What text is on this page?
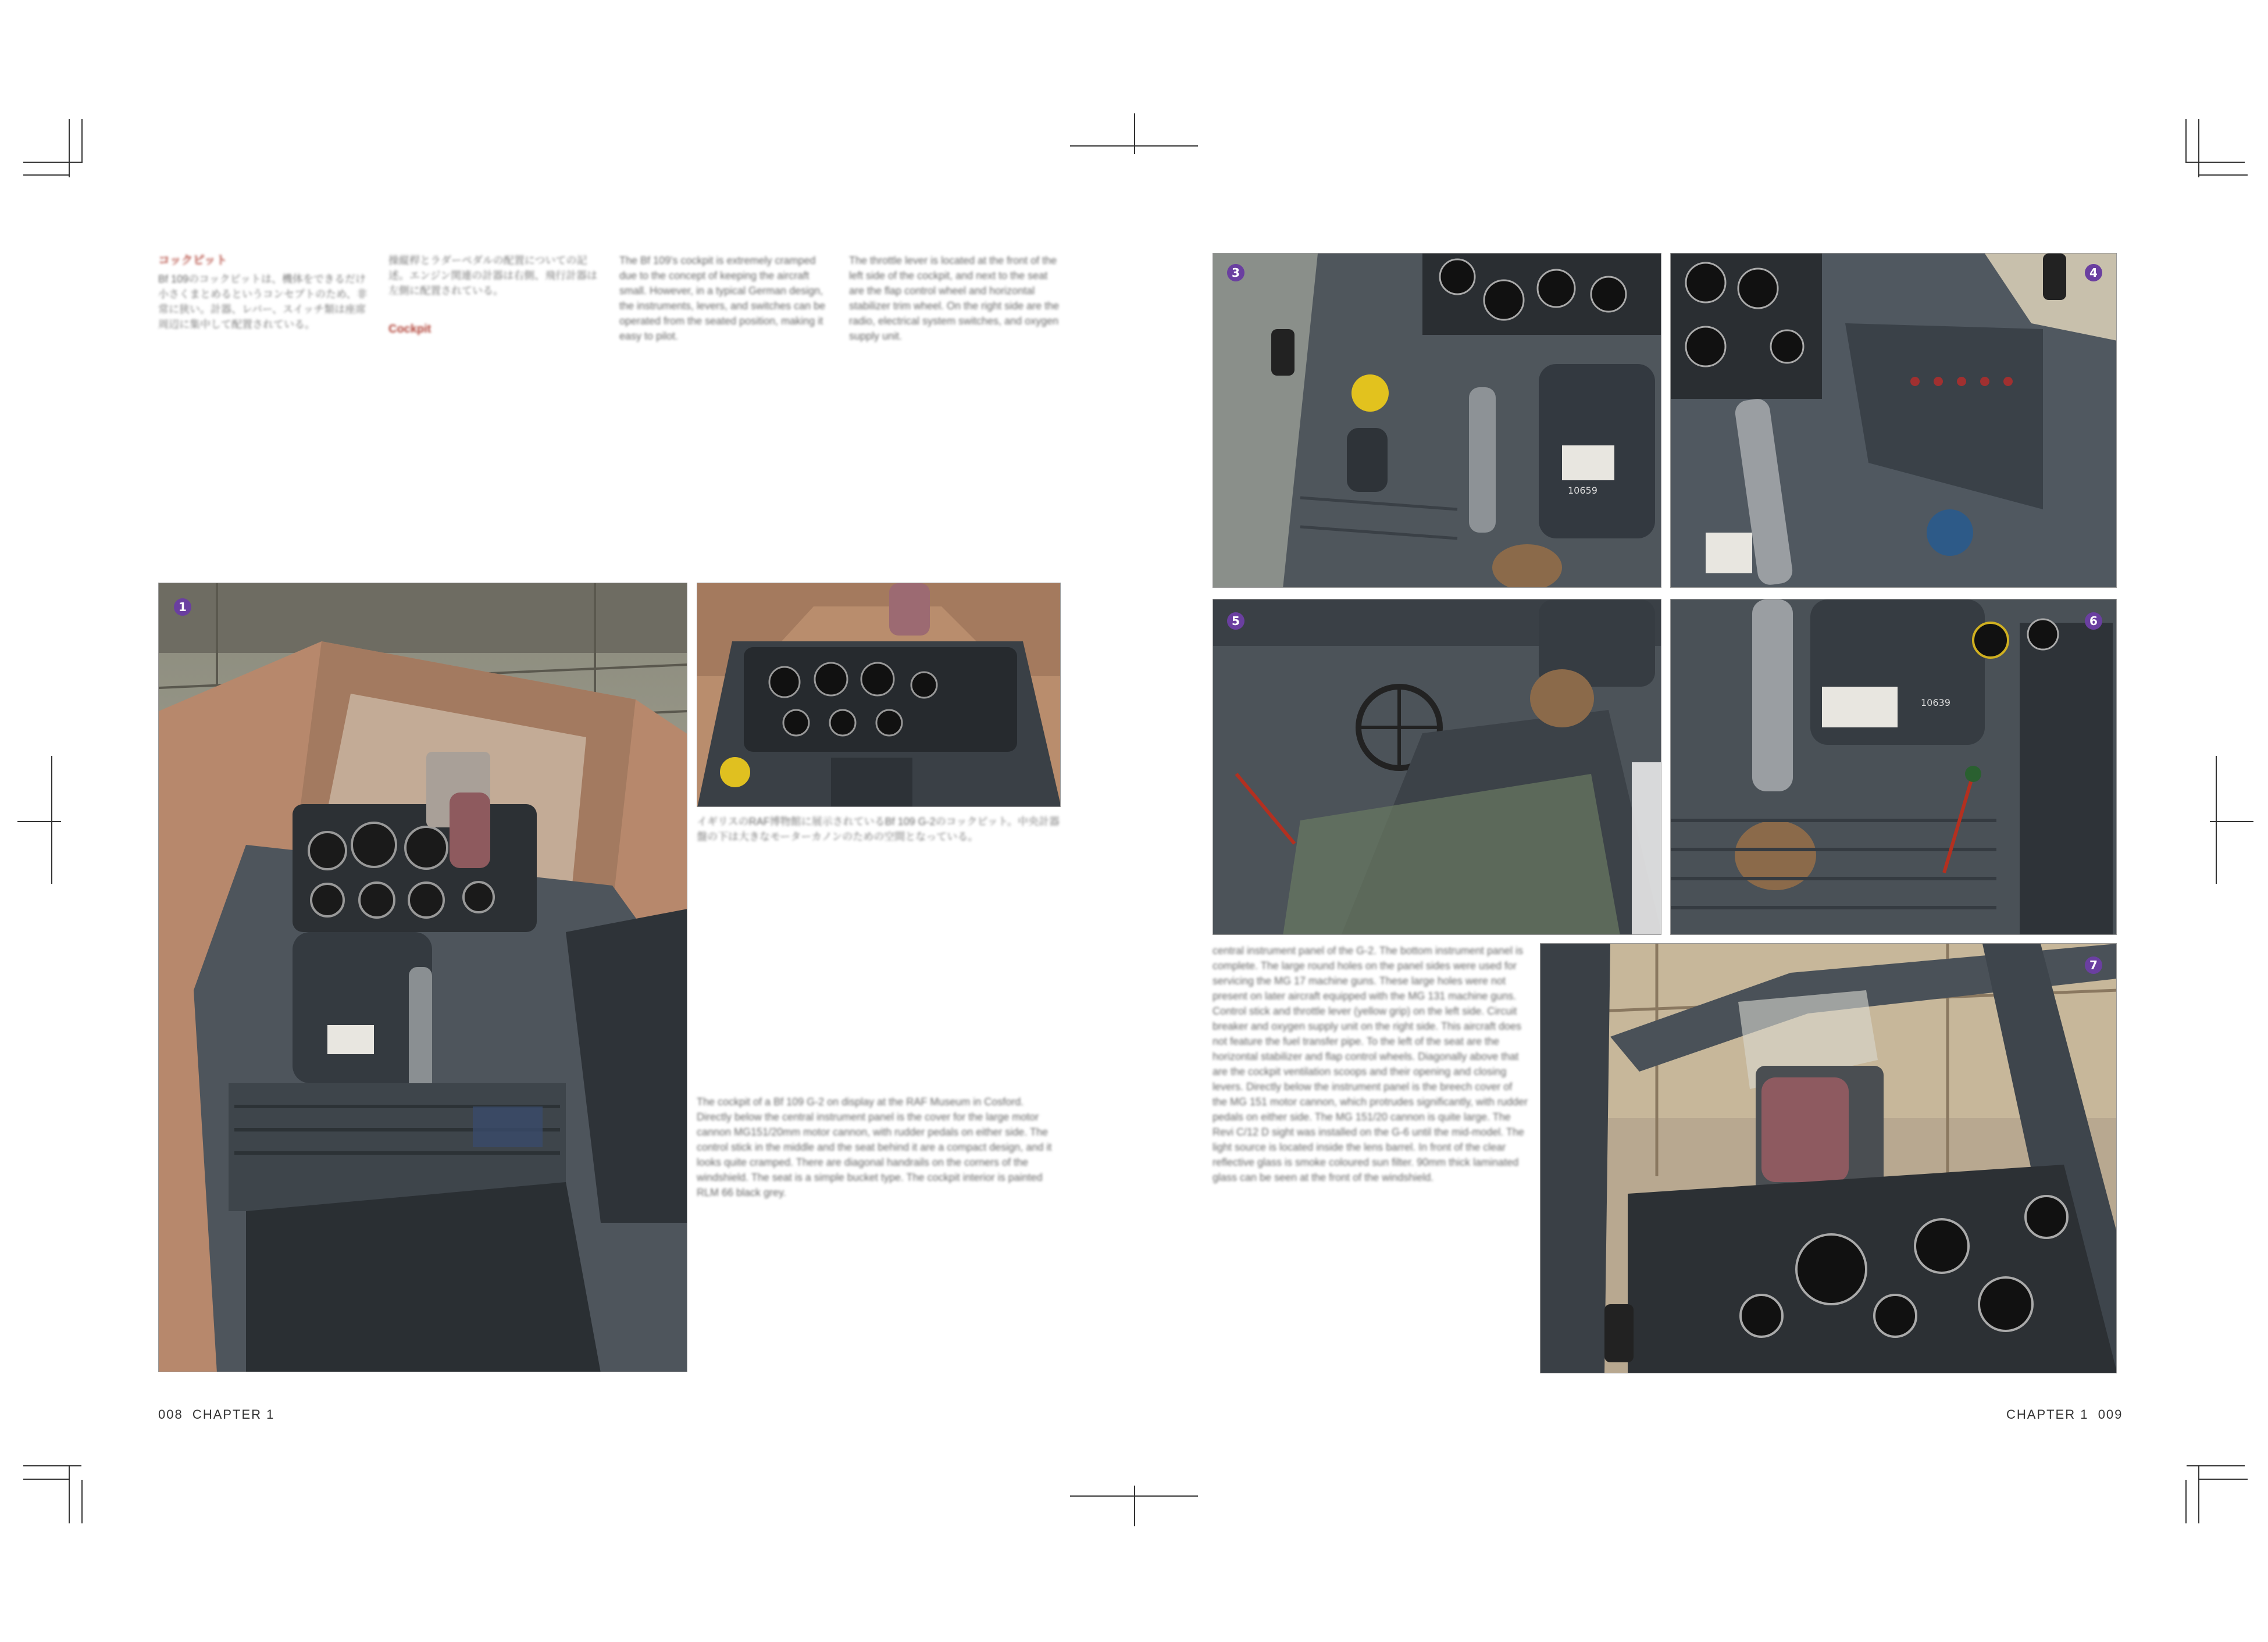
コックピット
Bf 109のコックピットは、機体をできるだけ小さくまとめるというコンセプトのため、非常に狭い。計器、レバー、スイッチ類は座席周辺に集中して配置されている。
操縦桿とラダーペダルの配置についての記述。エンジン関連の計器は右側、飛行計器は左側に配置されている。
Cockpit
The Bf 109's cockpit is extremely cramped due to the concept of keeping the aircraft small. However, in a typical German design, the instruments, levers, and switches can be operated from the seated position, making it easy to pilot.
The throttle lever is located at the front of the left side of the cockpit, and next to the seat are the flap control wheel and horizontal stabilizer trim wheel. On the right side are the radio, electrical system switches, and oxygen supply unit.
1
イギリスのRAF博物館に展示されているBf 109 G-2のコックピット。中央計器盤の下は大きなモーターカノンのための空間となっている。
The cockpit of a Bf 109 G-2 on display at the RAF Museum in Cosford. Directly below the central instrument panel is the cover for the large motor cannon MG151/20mm motor cannon, with rudder pedals on either side. The control stick in the middle and the seat behind it are a compact design, and it looks quite cramped. There are diagonal handrails on the corners of the windshield. The seat is a simple bucket type. The cockpit interior is painted RLM 66 black grey.
3
10659
4
5	6
10639
7
central instrument panel of the G-2. The bottom instrument panel is complete. The large round holes on the panel sides were used for servicing the MG 17 machine guns. These large holes were not present on later aircraft equipped with the MG 131 machine guns. Control stick and throttle lever (yellow grip) on the left side. Circuit breaker and oxygen supply unit on the right side. This aircraft does not feature the fuel transfer pipe. To the left of the seat are the horizontal stabilizer and flap control wheels. Diagonally above that are the cockpit ventilation scoops and their opening and closing levers. Directly below the instrument panel is the breech cover of the MG 151 motor cannon, which protrudes significantly, with rudder pedals on either side. The MG 151/20 cannon is quite large. The Revi C/12 D sight was installed on the G-6 until the mid-model. The light source is located inside the lens barrel. In front of the clear reflective glass is smoke coloured sun filter. 90mm thick laminated glass can be seen at the front of the windshield.
008  CHAPTER 1	CHAPTER 1  009
